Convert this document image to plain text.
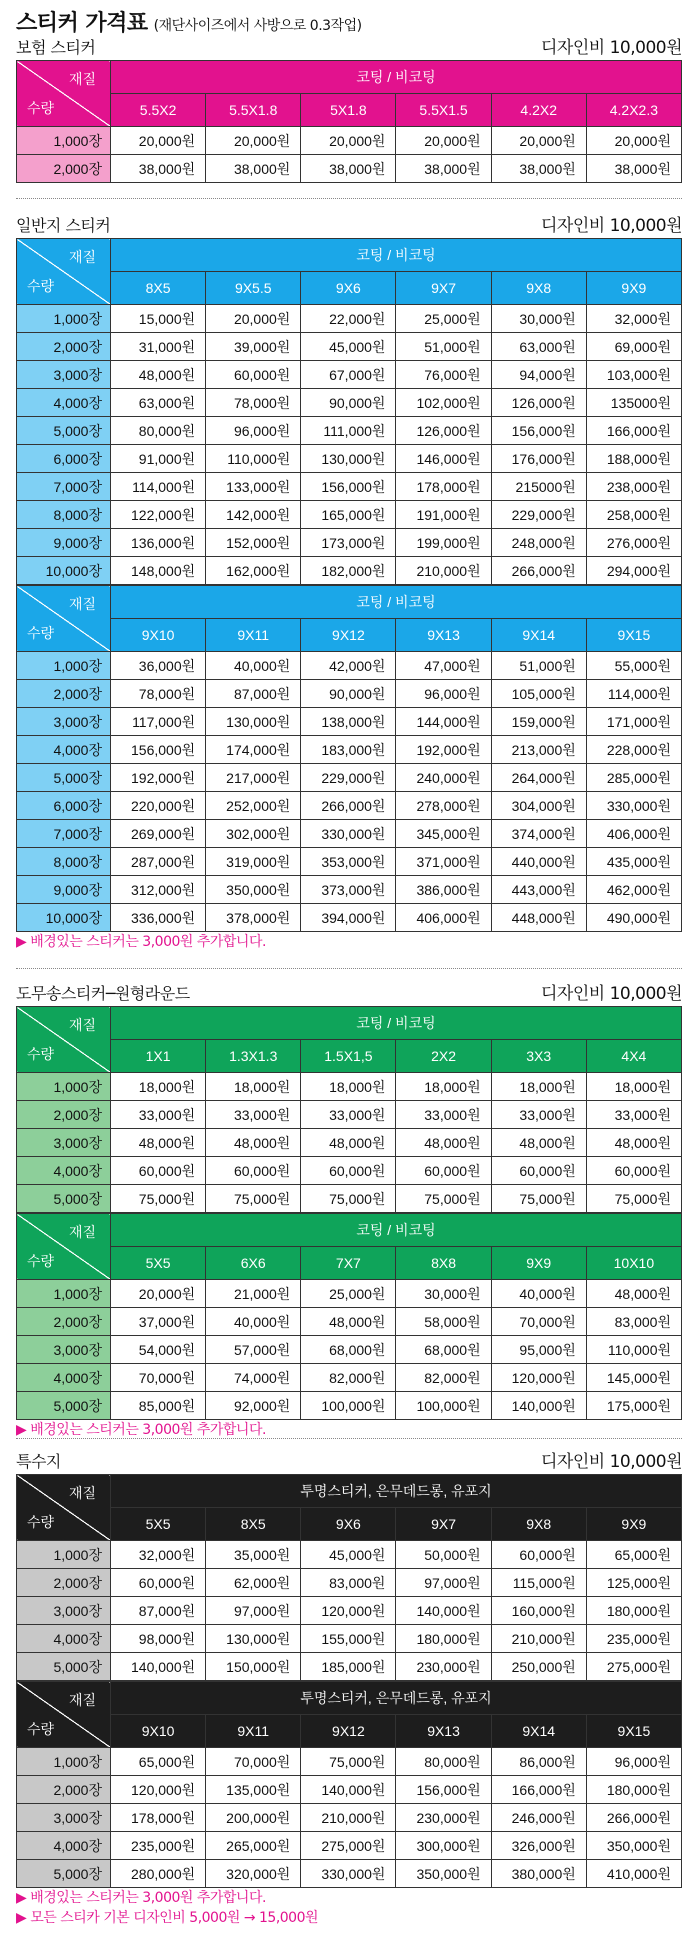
스티커 가격표 (재단사이즈에서 사방으로 0.3작업)
보험 스티커	디자인비 10,000원
재질
수량	코팅 / 비코팅					
	5.5X2	5.5X1.8	5X1.8	5.5X1.5	4.2X2	4.2X2.3
1,000장	20,000원	20,000원	20,000원	20,000원	20,000원	20,000원
2,000장	38,000원	38,000원	38,000원	38,000원	38,000원	38,000원
일반지 스티커	디자인비 10,000원
재질
수량	코팅 / 비코팅					
	8X5	9X5.5	9X6	9X7	9X8	9X9
1,000장	15,000원	20,000원	22,000원	25,000원	30,000원	32,000원
2,000장	31,000원	39,000원	45,000원	51,000원	63,000원	69,000원
3,000장	48,000원	60,000원	67,000원	76,000원	94,000원	103,000원
4,000장	63,000원	78,000원	90,000원	102,000원	126,000원	135000원
5,000장	80,000원	96,000원	111,000원	126,000원	156,000원	166,000원
6,000장	91,000원	110,000원	130,000원	146,000원	176,000원	188,000원
7,000장	114,000원	133,000원	156,000원	178,000원	215000원	238,000원
8,000장	122,000원	142,000원	165,000원	191,000원	229,000원	258,000원
9,000장	136,000원	152,000원	173,000원	199,000원	248,000원	276,000원
10,000장	148,000원	162,000원	182,000원	210,000원	266,000원	294,000원
재질
수량	코팅 / 비코팅					
	9X10	9X11	9X12	9X13	9X14	9X15
1,000장	36,000원	40,000원	42,000원	47,000원	51,000원	55,000원
2,000장	78,000원	87,000원	90,000원	96,000원	105,000원	114,000원
3,000장	117,000원	130,000원	138,000원	144,000원	159,000원	171,000원
4,000장	156,000원	174,000원	183,000원	192,000원	213,000원	228,000원
5,000장	192,000원	217,000원	229,000원	240,000원	264,000원	285,000원
6,000장	220,000원	252,000원	266,000원	278,000원	304,000원	330,000원
7,000장	269,000원	302,000원	330,000원	345,000원	374,000원	406,000원
8,000장	287,000원	319,000원	353,000원	371,000원	440,000원	435,000원
9,000장	312,000원	350,000원	373,000원	386,000원	443,000원	462,000원
10,000장	336,000원	378,000원	394,000원	406,000원	448,000원	490,000원
▶ 배경있는 스티커는 3,000원 추가합니다.
도무송스티커─원형라운드	디자인비 10,000원
재질
수량	코팅 / 비코팅					
	1X1	1.3X1.3	1.5X1,5	2X2	3X3	4X4
1,000장	18,000원	18,000원	18,000원	18,000원	18,000원	18,000원
2,000장	33,000원	33,000원	33,000원	33,000원	33,000원	33,000원
3,000장	48,000원	48,000원	48,000원	48,000원	48,000원	48,000원
4,000장	60,000원	60,000원	60,000원	60,000원	60,000원	60,000원
5,000장	75,000원	75,000원	75,000원	75,000원	75,000원	75,000원
재질
수량	코팅 / 비코팅					
	5X5	6X6	7X7	8X8	9X9	10X10
1,000장	20,000원	21,000원	25,000원	30,000원	40,000원	48,000원
2,000장	37,000원	40,000원	48,000원	58,000원	70,000원	83,000원
3,000장	54,000원	57,000원	68,000원	68,000원	95,000원	110,000원
4,000장	70,000원	74,000원	82,000원	82,000원	120,000원	145,000원
5,000장	85,000원	92,000원	100,000원	100,000원	140,000원	175,000원
▶ 배경있는 스티커는 3,000원 추가합니다.
특수지	디자인비 10,000원
재질
수량	투명스티커, 은무데드롱, 유포지					
	5X5	8X5	9X6	9X7	9X8	9X9
1,000장	32,000원	35,000원	45,000원	50,000원	60,000원	65,000원
2,000장	60,000원	62,000원	83,000원	97,000원	115,000원	125,000원
3,000장	87,000원	97,000원	120,000원	140,000원	160,000원	180,000원
4,000장	98,000원	130,000원	155,000원	180,000원	210,000원	235,000원
5,000장	140,000원	150,000원	185,000원	230,000원	250,000원	275,000원
재질
수량	투명스티커, 은무데드롱, 유포지					
	9X10	9X11	9X12	9X13	9X14	9X15
1,000장	65,000원	70,000원	75,000원	80,000원	86,000원	96,000원
2,000장	120,000원	135,000원	140,000원	156,000원	166,000원	180,000원
3,000장	178,000원	200,000원	210,000원	230,000원	246,000원	266,000원
4,000장	235,000원	265,000원	275,000원	300,000원	326,000원	350,000원
5,000장	280,000원	320,000원	330,000원	350,000원	380,000원	410,000원
▶ 배경있는 스티커는 3,000원 추가합니다.
▶ 모든 스티카 기본 디자인비 5,000원 → 15,000원
